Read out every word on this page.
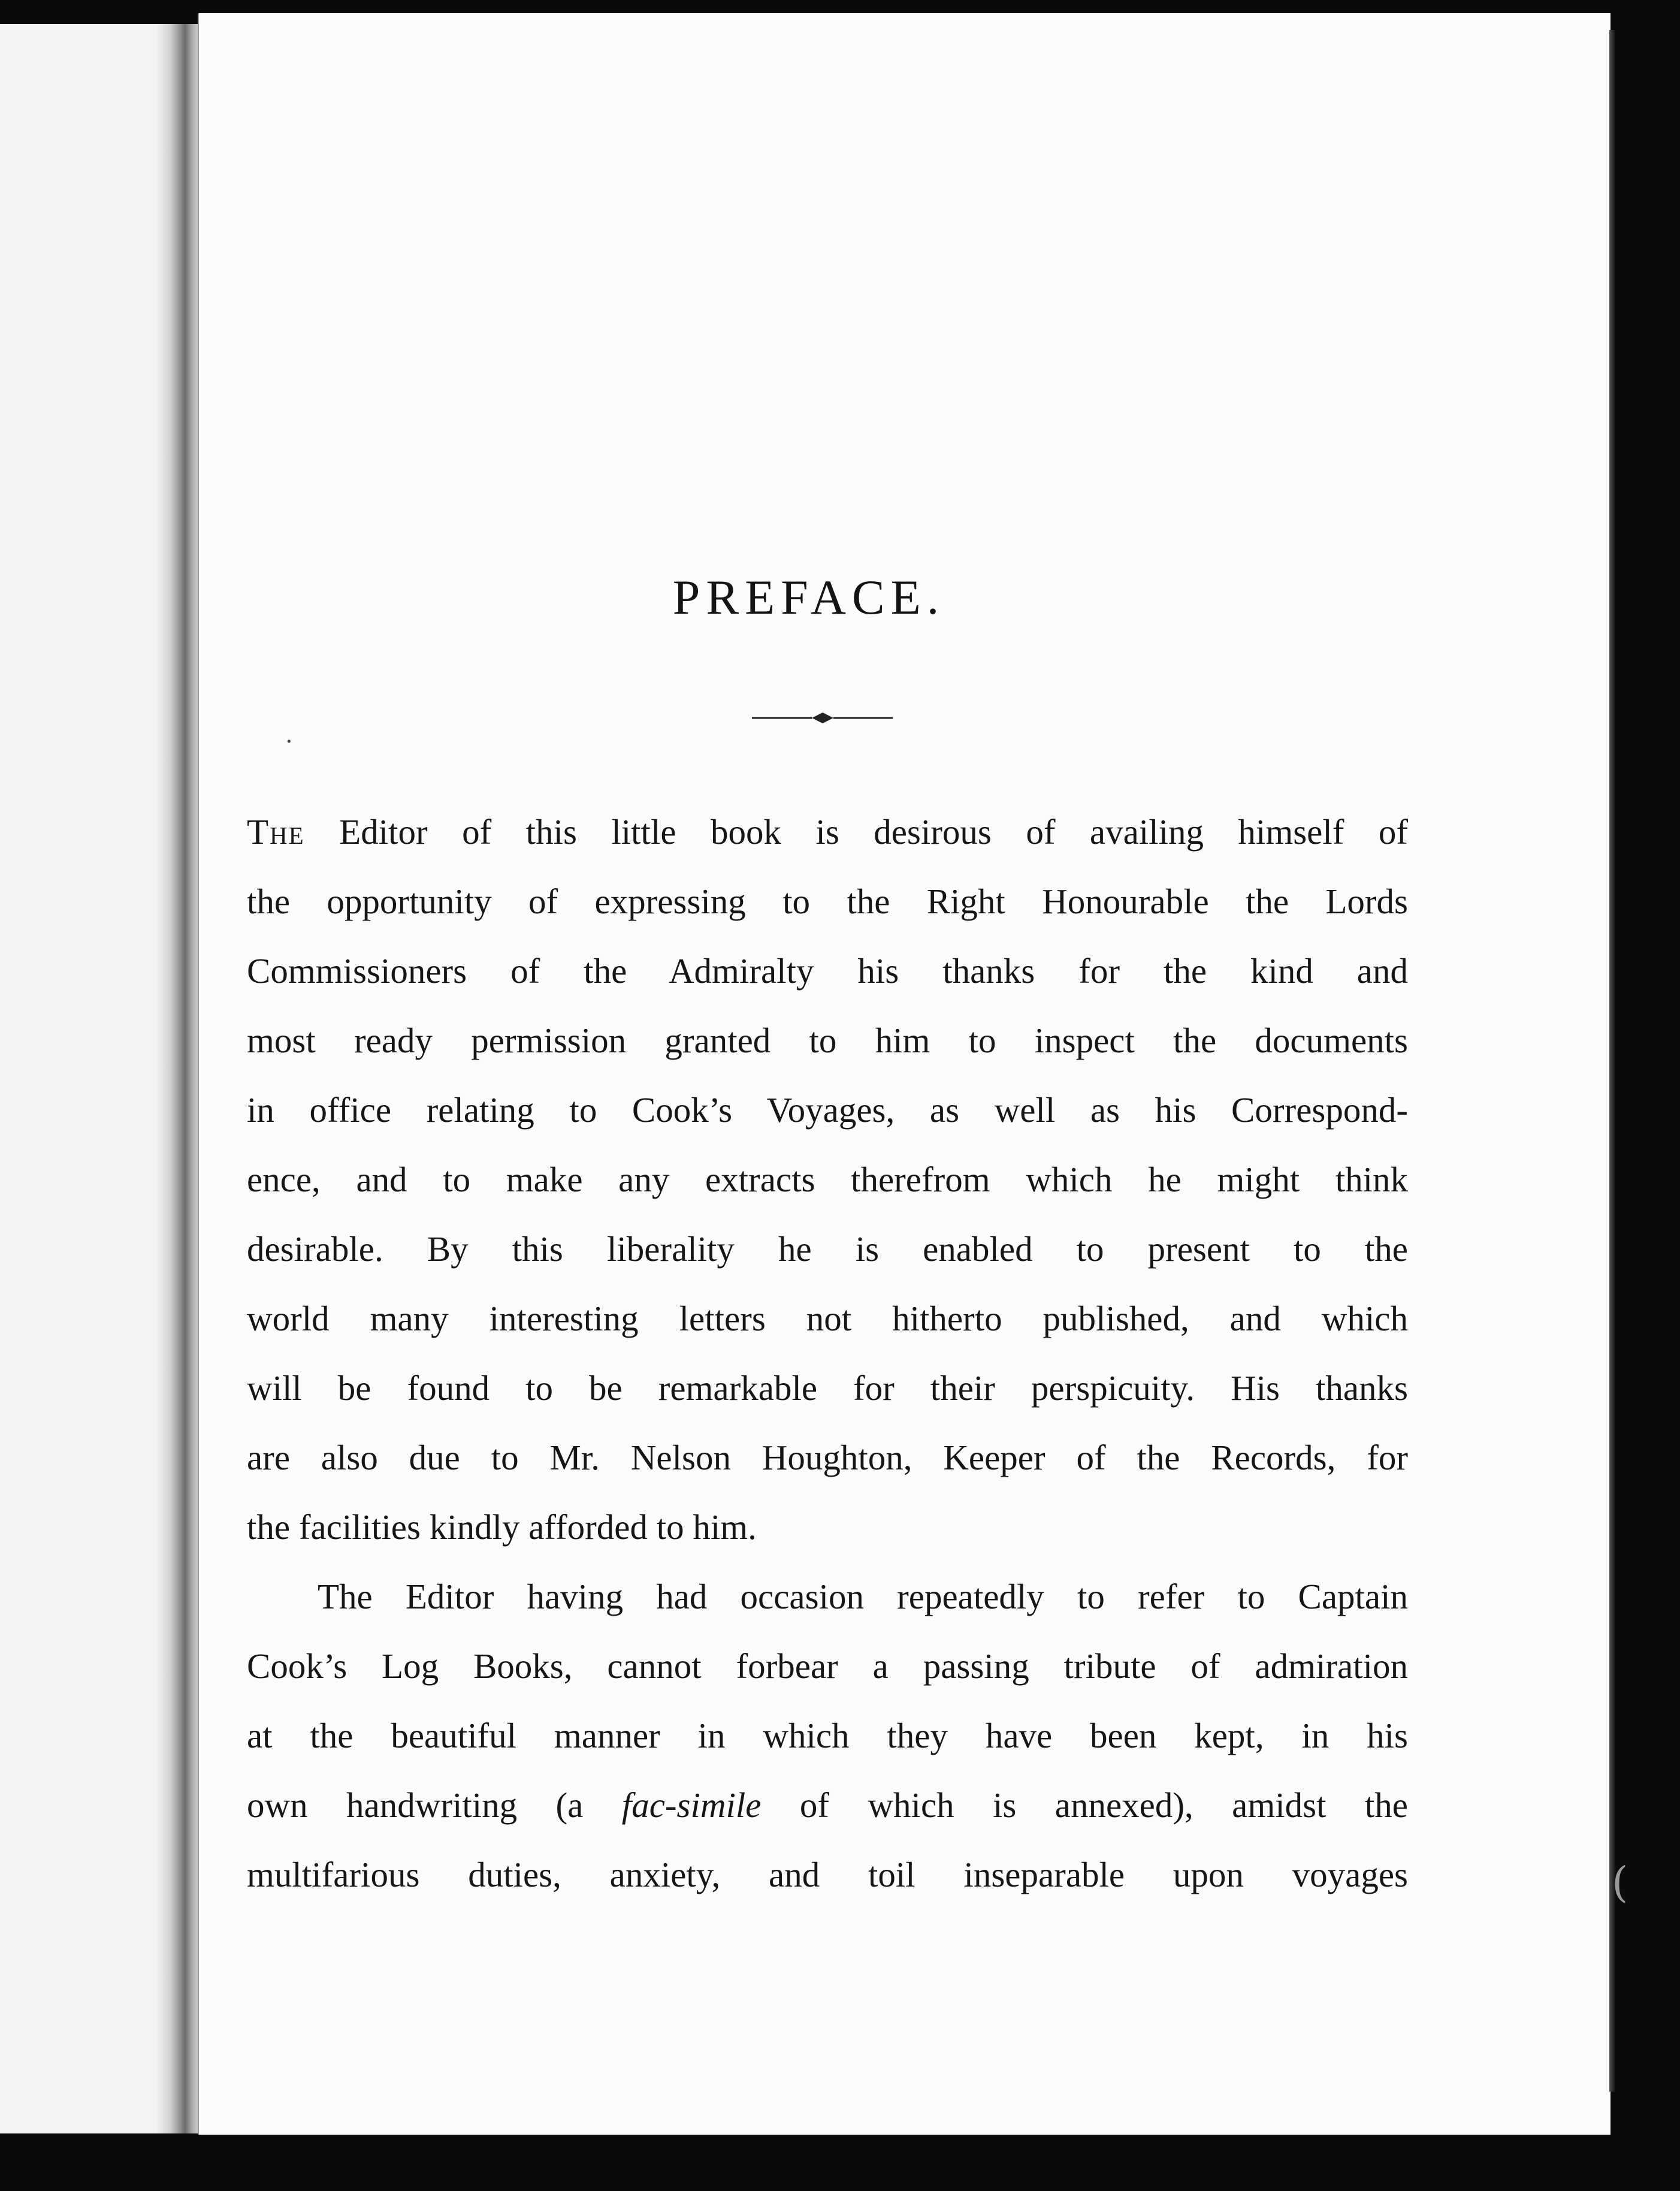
·
(
PREFACE.

The Editor of this little book is desirous of availing himself of

the opportunity of expressing to the Right Honourable the Lords

Commissioners of the Admiralty his thanks for the kind and

most ready permission granted to him to inspect the documents

in office relating to Cook’s Voyages, as well as his Correspond-

ence, and to make any extracts therefrom which he might think

desirable. By this liberality he is enabled to present to the

world many interesting letters not hitherto published, and which

will be found to be remarkable for their perspicuity. His thanks

are also due to Mr. Nelson Houghton, Keeper of the Records, for

the facilities kindly afforded to him.

The Editor having had occasion repeatedly to refer to Captain

Cook’s Log Books, cannot forbear a passing tribute of admiration

at the beautiful manner in which they have been kept, in his

own handwriting (a fac-simile of which is annexed), amidst the

multifarious duties, anxiety, and toil inseparable upon voyages
